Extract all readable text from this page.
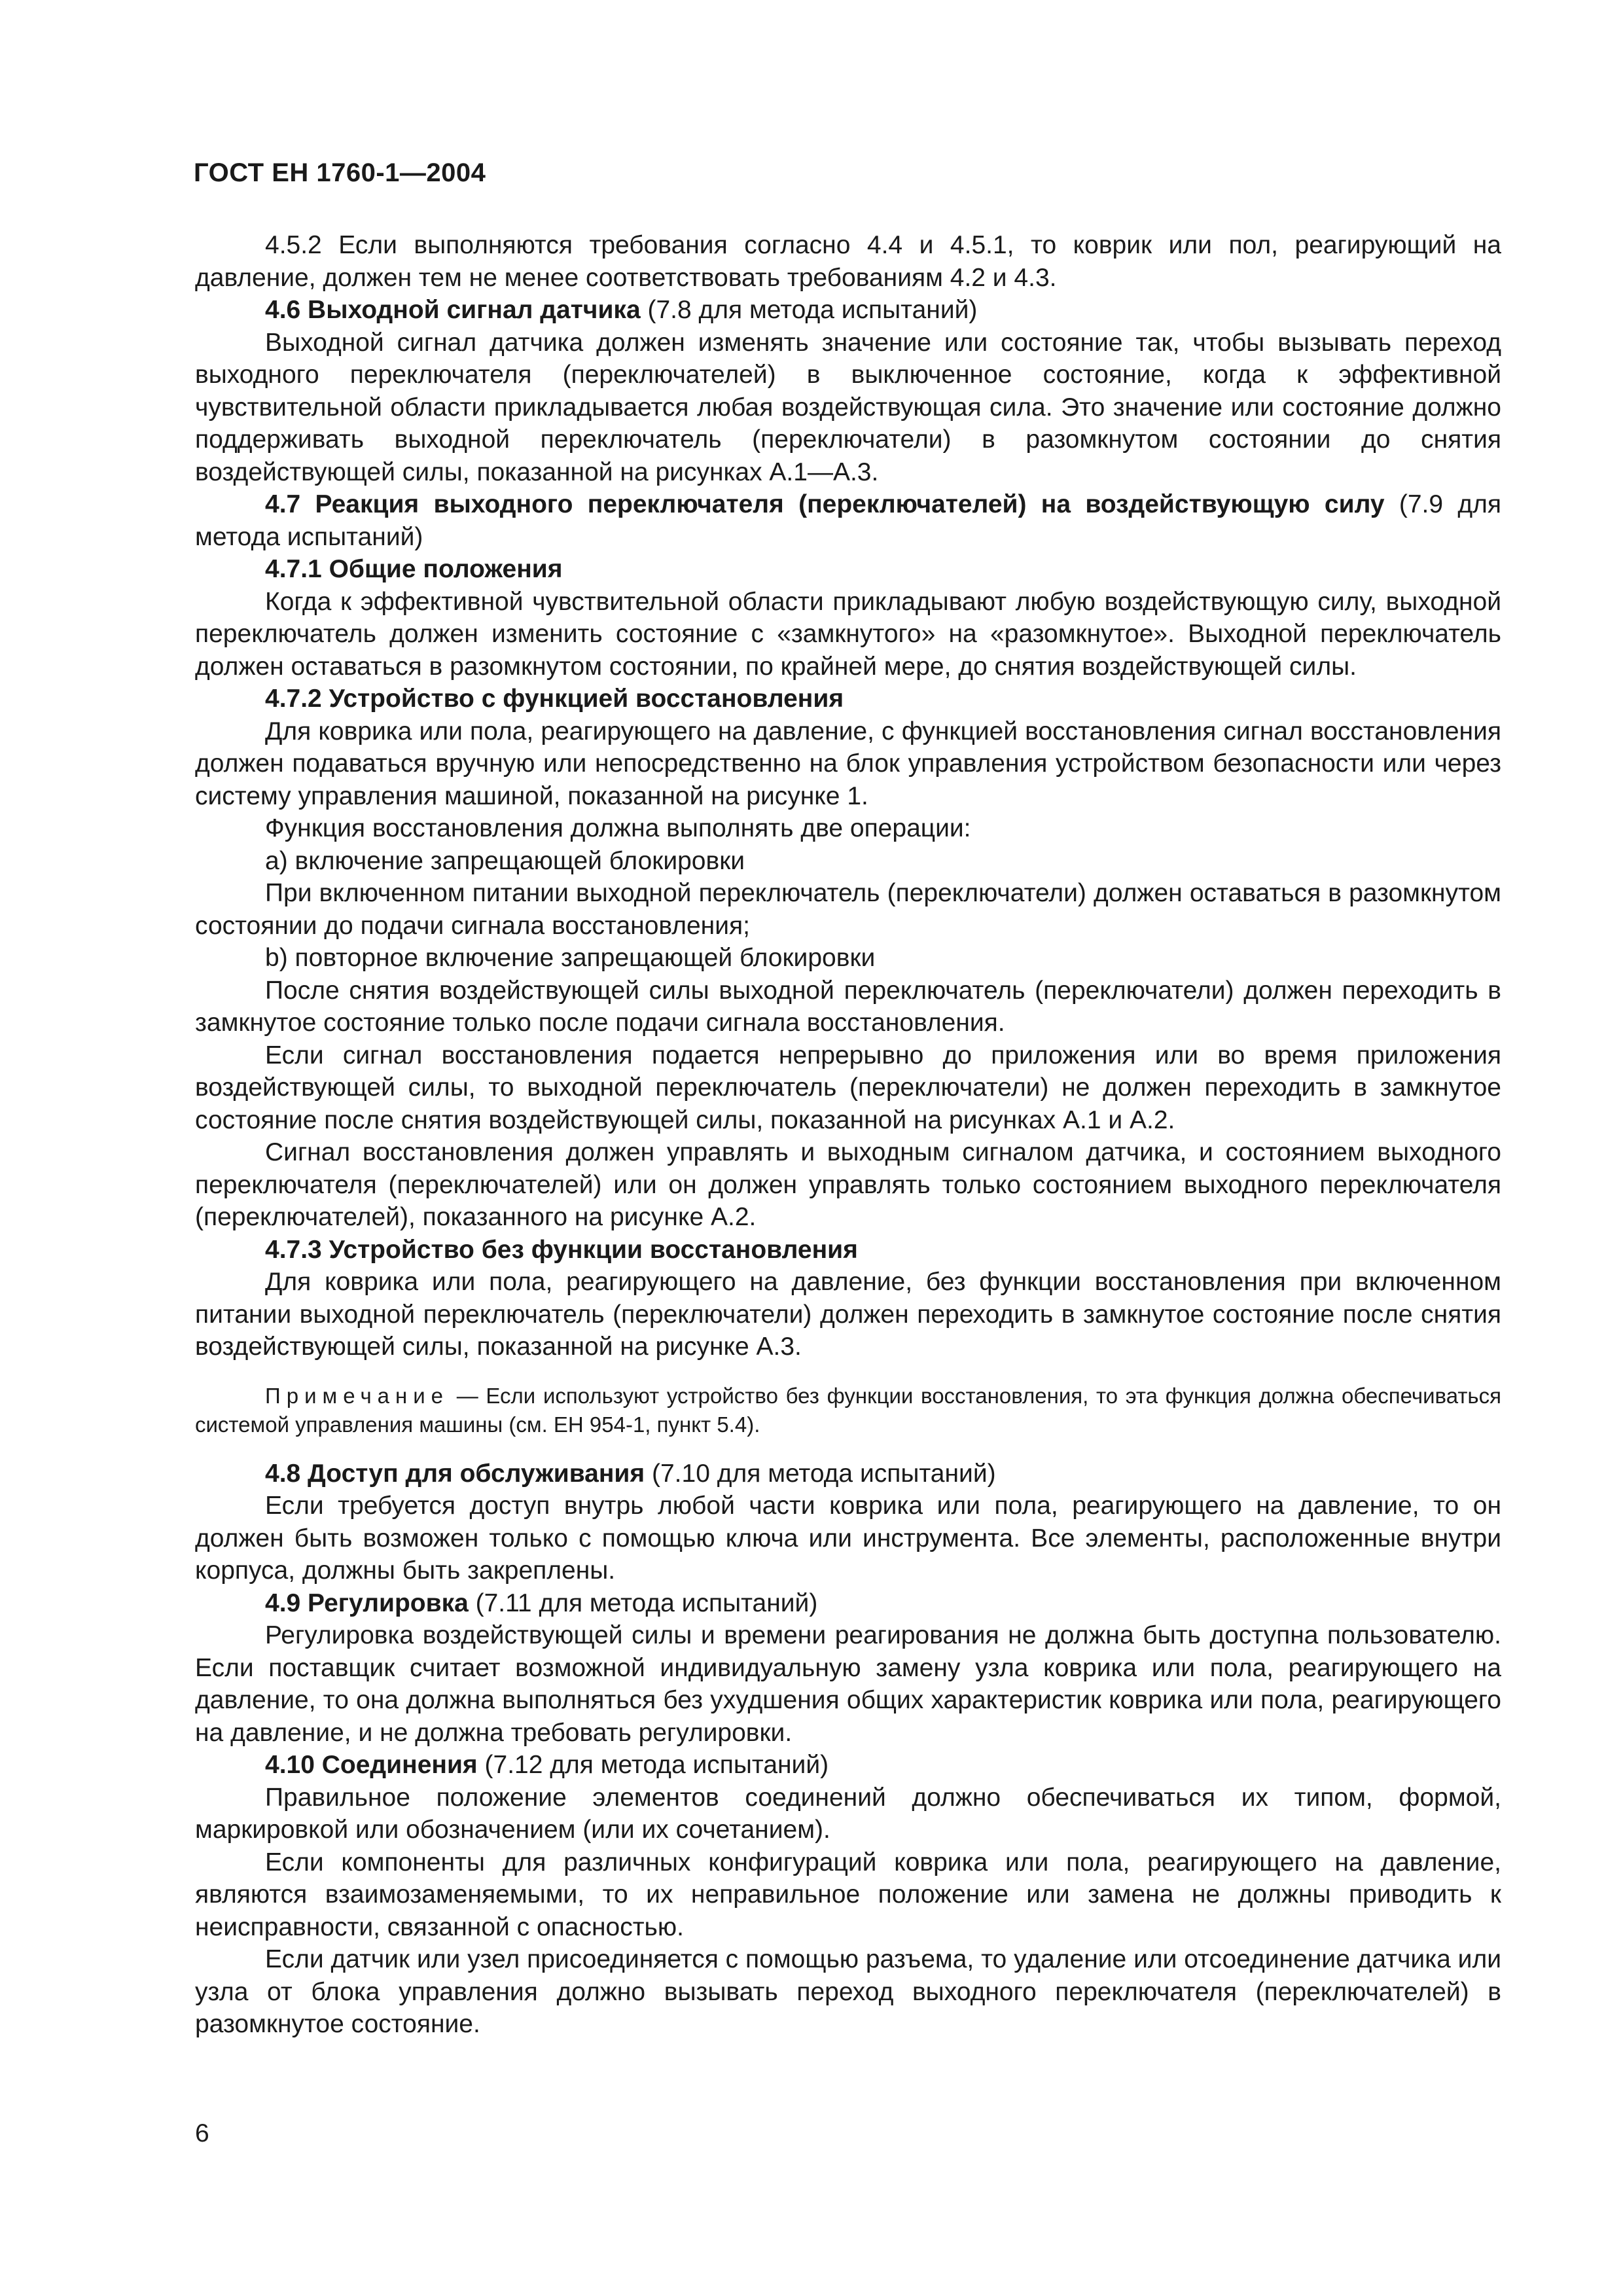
ГОСТ ЕН 1760-1—2004

4.5.2 Если выполняются требования согласно 4.4 и 4.5.1, то коврик или пол, реагирующий на давление, должен тем не менее соответствовать требованиям 4.2 и 4.3.

4.6 Выходной сигнал датчика (7.8 для метода испытаний)

Выходной сигнал датчика должен изменять значение или состояние так, чтобы вызывать переход выходного переключателя (переключателей) в выключенное состояние, когда к эффективной чувствительной области прикладывается любая воздействующая сила. Это значение или состояние должно поддерживать выходной переключатель (переключатели) в разомкнутом состоянии до снятия воздействующей силы, показанной на рисунках А.1—А.3.

4.7 Реакция выходного переключателя (переключателей) на воздействующую силу (7.9 для метода испытаний)

4.7.1 Общие положения

Когда к эффективной чувствительной области прикладывают любую воздействующую силу, выходной переключатель должен изменить состояние с «замкнутого» на «разомкнутое». Выходной переключатель должен оставаться в разомкнутом состоянии, по крайней мере, до снятия воздействующей силы.

4.7.2 Устройство с функцией восстановления

Для коврика или пола, реагирующего на давление, с функцией восстановления сигнал восстановления должен подаваться вручную или непосредственно на блок управления устройством безопасности или через систему управления машиной, показанной на рисунке 1.

Функция восстановления должна выполнять две операции:

а) включение запрещающей блокировки

При включенном питании выходной переключатель (переключатели) должен оставаться в разомкнутом состоянии до подачи сигнала восстановления;

b) повторное включение запрещающей блокировки

После снятия воздействующей силы выходной переключатель (переключатели) должен переходить в замкнутое состояние только после подачи сигнала восстановления.

Если сигнал восстановления подается непрерывно до приложения или во время приложения воздействующей силы, то выходной переключатель (переключатели) не должен переходить в замкнутое состояние после снятия воздействующей силы, показанной на рисунках А.1 и А.2.

Сигнал восстановления должен управлять и выходным сигналом датчика, и состоянием выходного переключателя (переключателей) или он должен управлять только состоянием выходного переключателя (переключателей), показанного на рисунке А.2.

4.7.3 Устройство без функции восстановления

Для коврика или пола, реагирующего на давление, без функции восстановления при включенном питании выходной переключатель (переключатели) должен переходить в замкнутое состояние после снятия воздействующей силы, показанной на рисунке А.3.

Примечание — Если используют устройство без функции восстановления, то эта функция должна обеспечиваться системой управления машины (см. ЕН 954-1, пункт 5.4).

4.8 Доступ для обслуживания (7.10 для метода испытаний)

Если требуется доступ внутрь любой части коврика или пола, реагирующего на давление, то он должен быть возможен только с помощью ключа или инструмента. Все элементы, расположенные внутри корпуса, должны быть закреплены.

4.9 Регулировка (7.11 для метода испытаний)

Регулировка воздействующей силы и времени реагирования не должна быть доступна пользователю. Если поставщик считает возможной индивидуальную замену узла коврика или пола, реагирующего на давление, то она должна выполняться без ухудшения общих характеристик коврика или пола, реагирующего на давление, и не должна требовать регулировки.

4.10 Соединения (7.12 для метода испытаний)

Правильное положение элементов соединений должно обеспечиваться их типом, формой, маркировкой или обозначением (или их сочетанием).

Если компоненты для различных конфигураций коврика или пола, реагирующего на давление, являются взаимозаменяемыми, то их неправильное положение или замена не должны приводить к неисправности, связанной с опасностью.

Если датчик или узел присоединяется с помощью разъема, то удаление или отсоединение датчика или узла от блока управления должно вызывать переход выходного переключателя (переключателей) в разомкнутое состояние.

6
